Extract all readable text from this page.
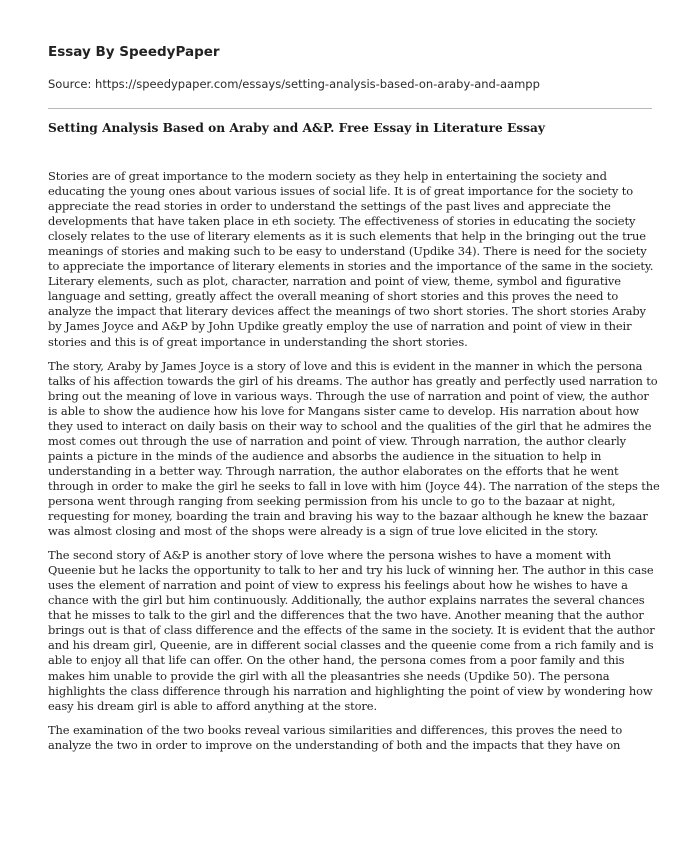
Essay By SpeedyPaper

Source: https://speedypaper.com/essays/setting-analysis-based-on-araby-and-aampp

Setting Analysis Based on Araby and A&P. Free Essay in Literature Essay

Stories are of great importance to the modern society as they help in entertaining the society and educating the young ones about various issues of social life. It is of great importance for the society to appreciate the read stories in order to understand the settings of the past lives and appreciate the developments that have taken place in eth society. The effectiveness of stories in educating the society closely relates to the use of literary elements as it is such elements that help in the bringing out the true meanings of stories and making such to be easy to understand (Updike 34). There is need for the society to appreciate the importance of literary elements in stories and the importance of the same in the society. Literary elements, such as plot, character, narration and point of view, theme, symbol and figurative language and setting, greatly affect the overall meaning of short stories and this proves the need to analyze the impact that literary devices affect the meanings of two short stories. The short stories Araby by James Joyce and A&P by John Updike greatly employ the use of narration and point of view in their stories and this is of great importance in understanding the short stories.

The story, Araby by James Joyce is a story of love and this is evident in the manner in which the persona talks of his affection towards the girl of his dreams. The author has greatly and perfectly used narration to bring out the meaning of love in various ways. Through the use of narration and point of view, the author is able to show the audience how his love for Mangans sister came to develop. His narration about how they used to interact on daily basis on their way to school and the qualities of the girl that he admires the most comes out through the use of narration and point of view. Through narration, the author clearly paints a picture in the minds of the audience and absorbs the audience in the situation to help in understanding in a better way. Through narration, the author elaborates on the efforts that he went through in order to make the girl he seeks to fall in love with him (Joyce 44). The narration of the steps the persona went through ranging from seeking permission from his uncle to go to the bazaar at night, requesting for money, boarding the train and braving his way to the bazaar although he knew the bazaar was almost closing and most of the shops were already is a sign of true love elicited in the story.

The second story of A&P is another story of love where the persona wishes to have a moment with Queenie but he lacks the opportunity to talk to her and try his luck of winning her. The author in this case uses the element of narration and point of view to express his feelings about how he wishes to have a chance with the girl but him continuously. Additionally, the author explains narrates the several chances that he misses to talk to the girl and the differences that the two have. Another meaning that the author brings out is that of class difference and the effects of the same in the society. It is evident that the author and his dream girl, Queenie, are in different social classes and the queenie come from a rich family and is able to enjoy all that life can offer. On the other hand, the persona comes from a poor family and this makes him unable to provide the girl with all the pleasantries she needs (Updike 50). The persona highlights the class difference through his narration and highlighting the point of view by wondering how easy his dream girl is able to afford anything at the store.

The examination of the two books reveal various similarities and differences, this proves the need to analyze the two in order to improve on the understanding of both and the impacts that they have on
